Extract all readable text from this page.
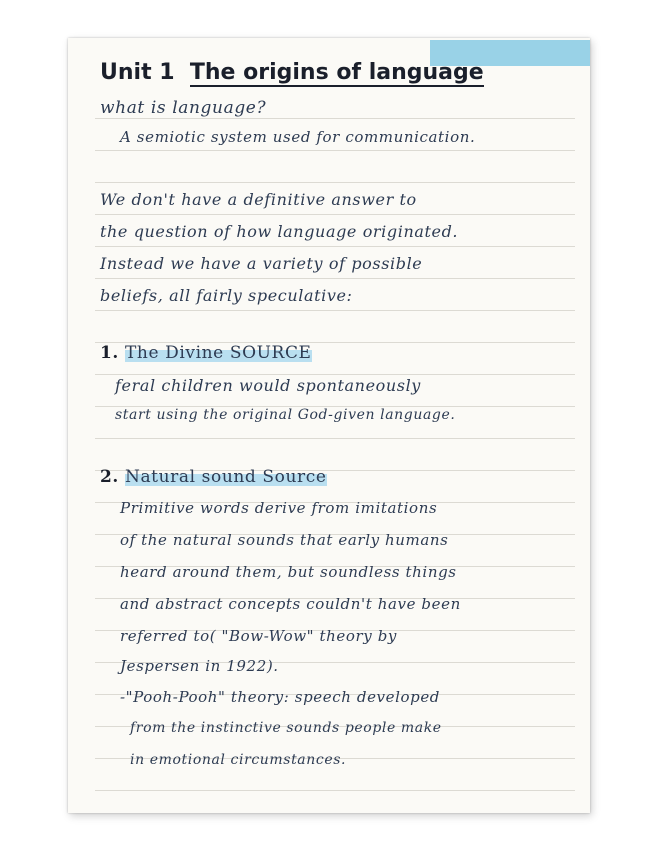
Unit 1 The origins of language
what is language?
A semiotic system used for communication.
We don't have a definitive answer to
the question of how language originated.
Instead we have a variety of possible
beliefs, all fairly speculative:
1. The Divine SOURCE
feral children would spontaneously
start using the original God-given language.
2. Natural sound Source
Primitive words derive from imitations
of the natural sounds that early humans
heard around them, but soundless things
and abstract concepts couldn't have been
referred to( "Bow-Wow" theory by
Jespersen in 1922).
-"Pooh-Pooh" theory: speech developed
from the instinctive sounds people make
in emotional circumstances.
